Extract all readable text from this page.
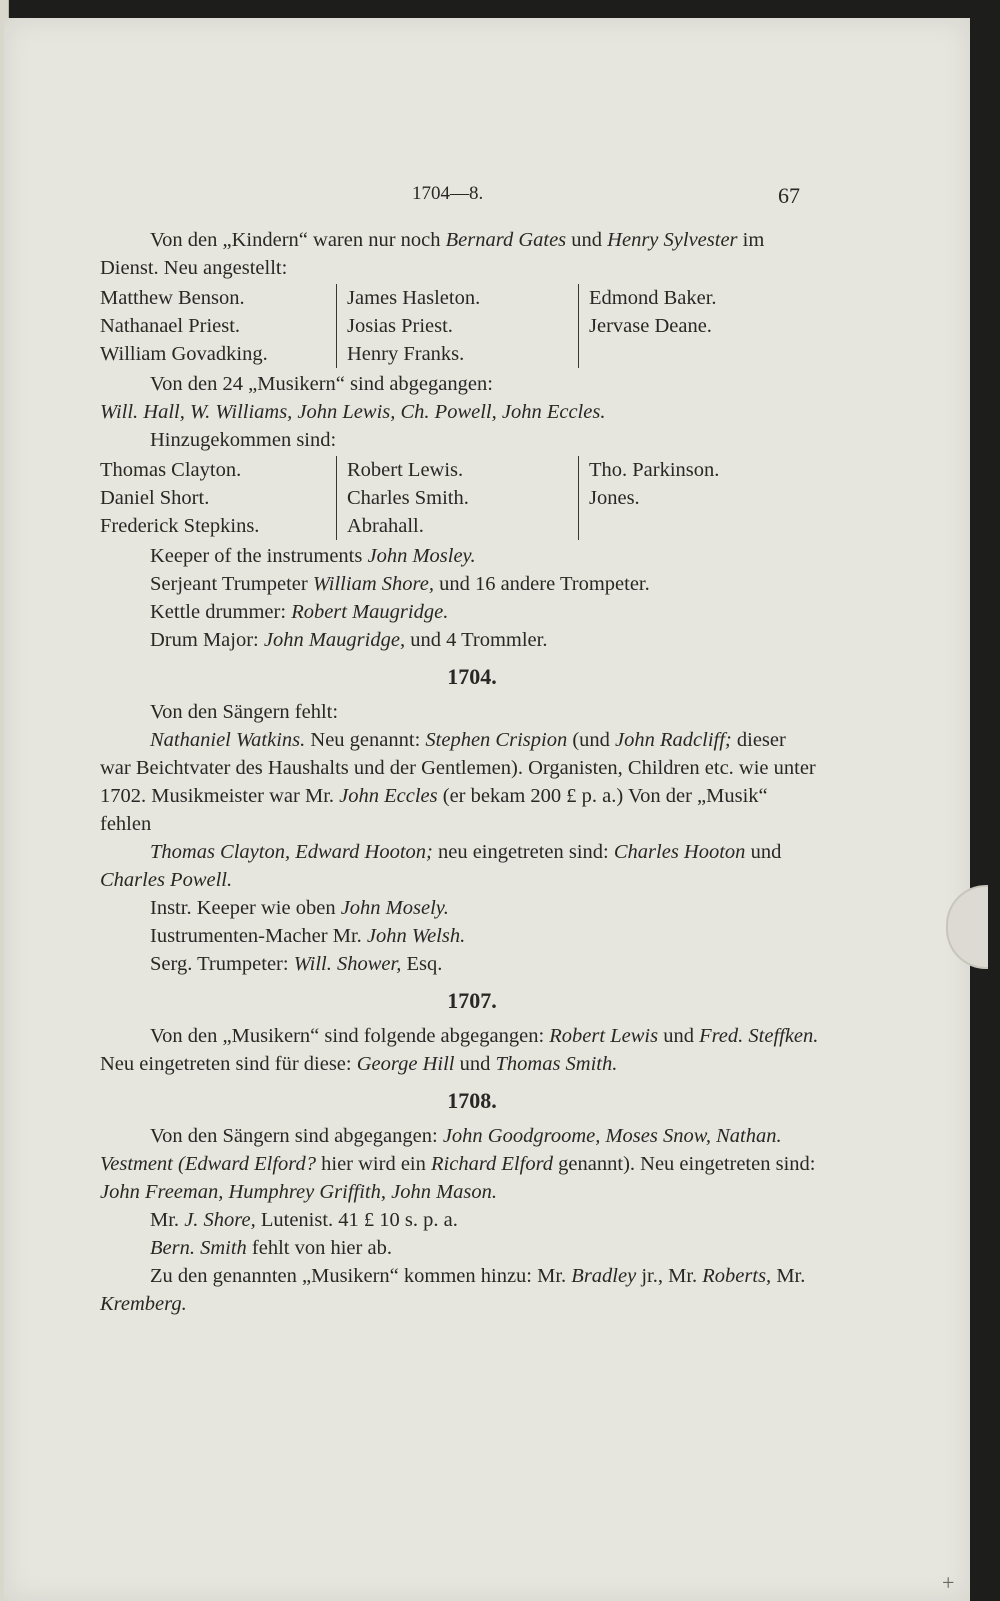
1704—8.	67

Von den „Kindern“ waren nur noch Bernard Gates und Henry Sylvester im Dienst. Neu angestellt:

Matthew Benson.
Nathanael Priest.
William Govadking.
James Hasleton.
Josias Priest.
Henry Franks.
Edmond Baker.
Jervase Deane.

Von den 24 „Musikern“ sind abgegangen:

Will. Hall, W. Williams, John Lewis, Ch. Powell, John Eccles.

Hinzugekommen sind:

Thomas Clayton.
Daniel Short.
Frederick Stepkins.
Robert Lewis.
Charles Smith.
Abrahall.
Tho. Parkinson.
Jones.

Keeper of the instruments John Mosley.

Serjeant Trumpeter William Shore, und 16 andere Trompeter.

Kettle drummer: Robert Maugridge.

Drum Major: John Maugridge, und 4 Trommler.

1704.

Von den Sängern fehlt:

Nathaniel Watkins. Neu genannt: Stephen Crispion (und John Radcliff; dieser war Beichtvater des Haushalts und der Gentlemen). Organisten, Children etc. wie unter 1702. Musikmeister war Mr. John Eccles (er bekam 200 £ p. a.) Von der „Musik“ fehlen

Thomas Clayton, Edward Hooton; neu eingetreten sind: Charles Hooton und Charles Powell.

Instr. Keeper wie oben John Mosely.

Iustrumenten-Macher Mr. John Welsh.

Serg. Trumpeter: Will. Shower, Esq.

1707.

Von den „Musikern“ sind folgende abgegangen: Robert Lewis und Fred. Steffken. Neu eingetreten sind für diese: George Hill und Thomas Smith.

1708.

Von den Sängern sind abgegangen: John Goodgroome, Moses Snow, Nathan. Vestment (Edward Elford? hier wird ein Richard Elford genannt). Neu eingetreten sind: John Freeman, Humphrey Griffith, John Mason.

Mr. J. Shore, Lutenist. 41 £ 10 s. p. a.

Bern. Smith fehlt von hier ab.

Zu den genannten „Musikern“ kommen hinzu: Mr. Bradley jr., Mr. Roberts, Mr. Kremberg.

+
